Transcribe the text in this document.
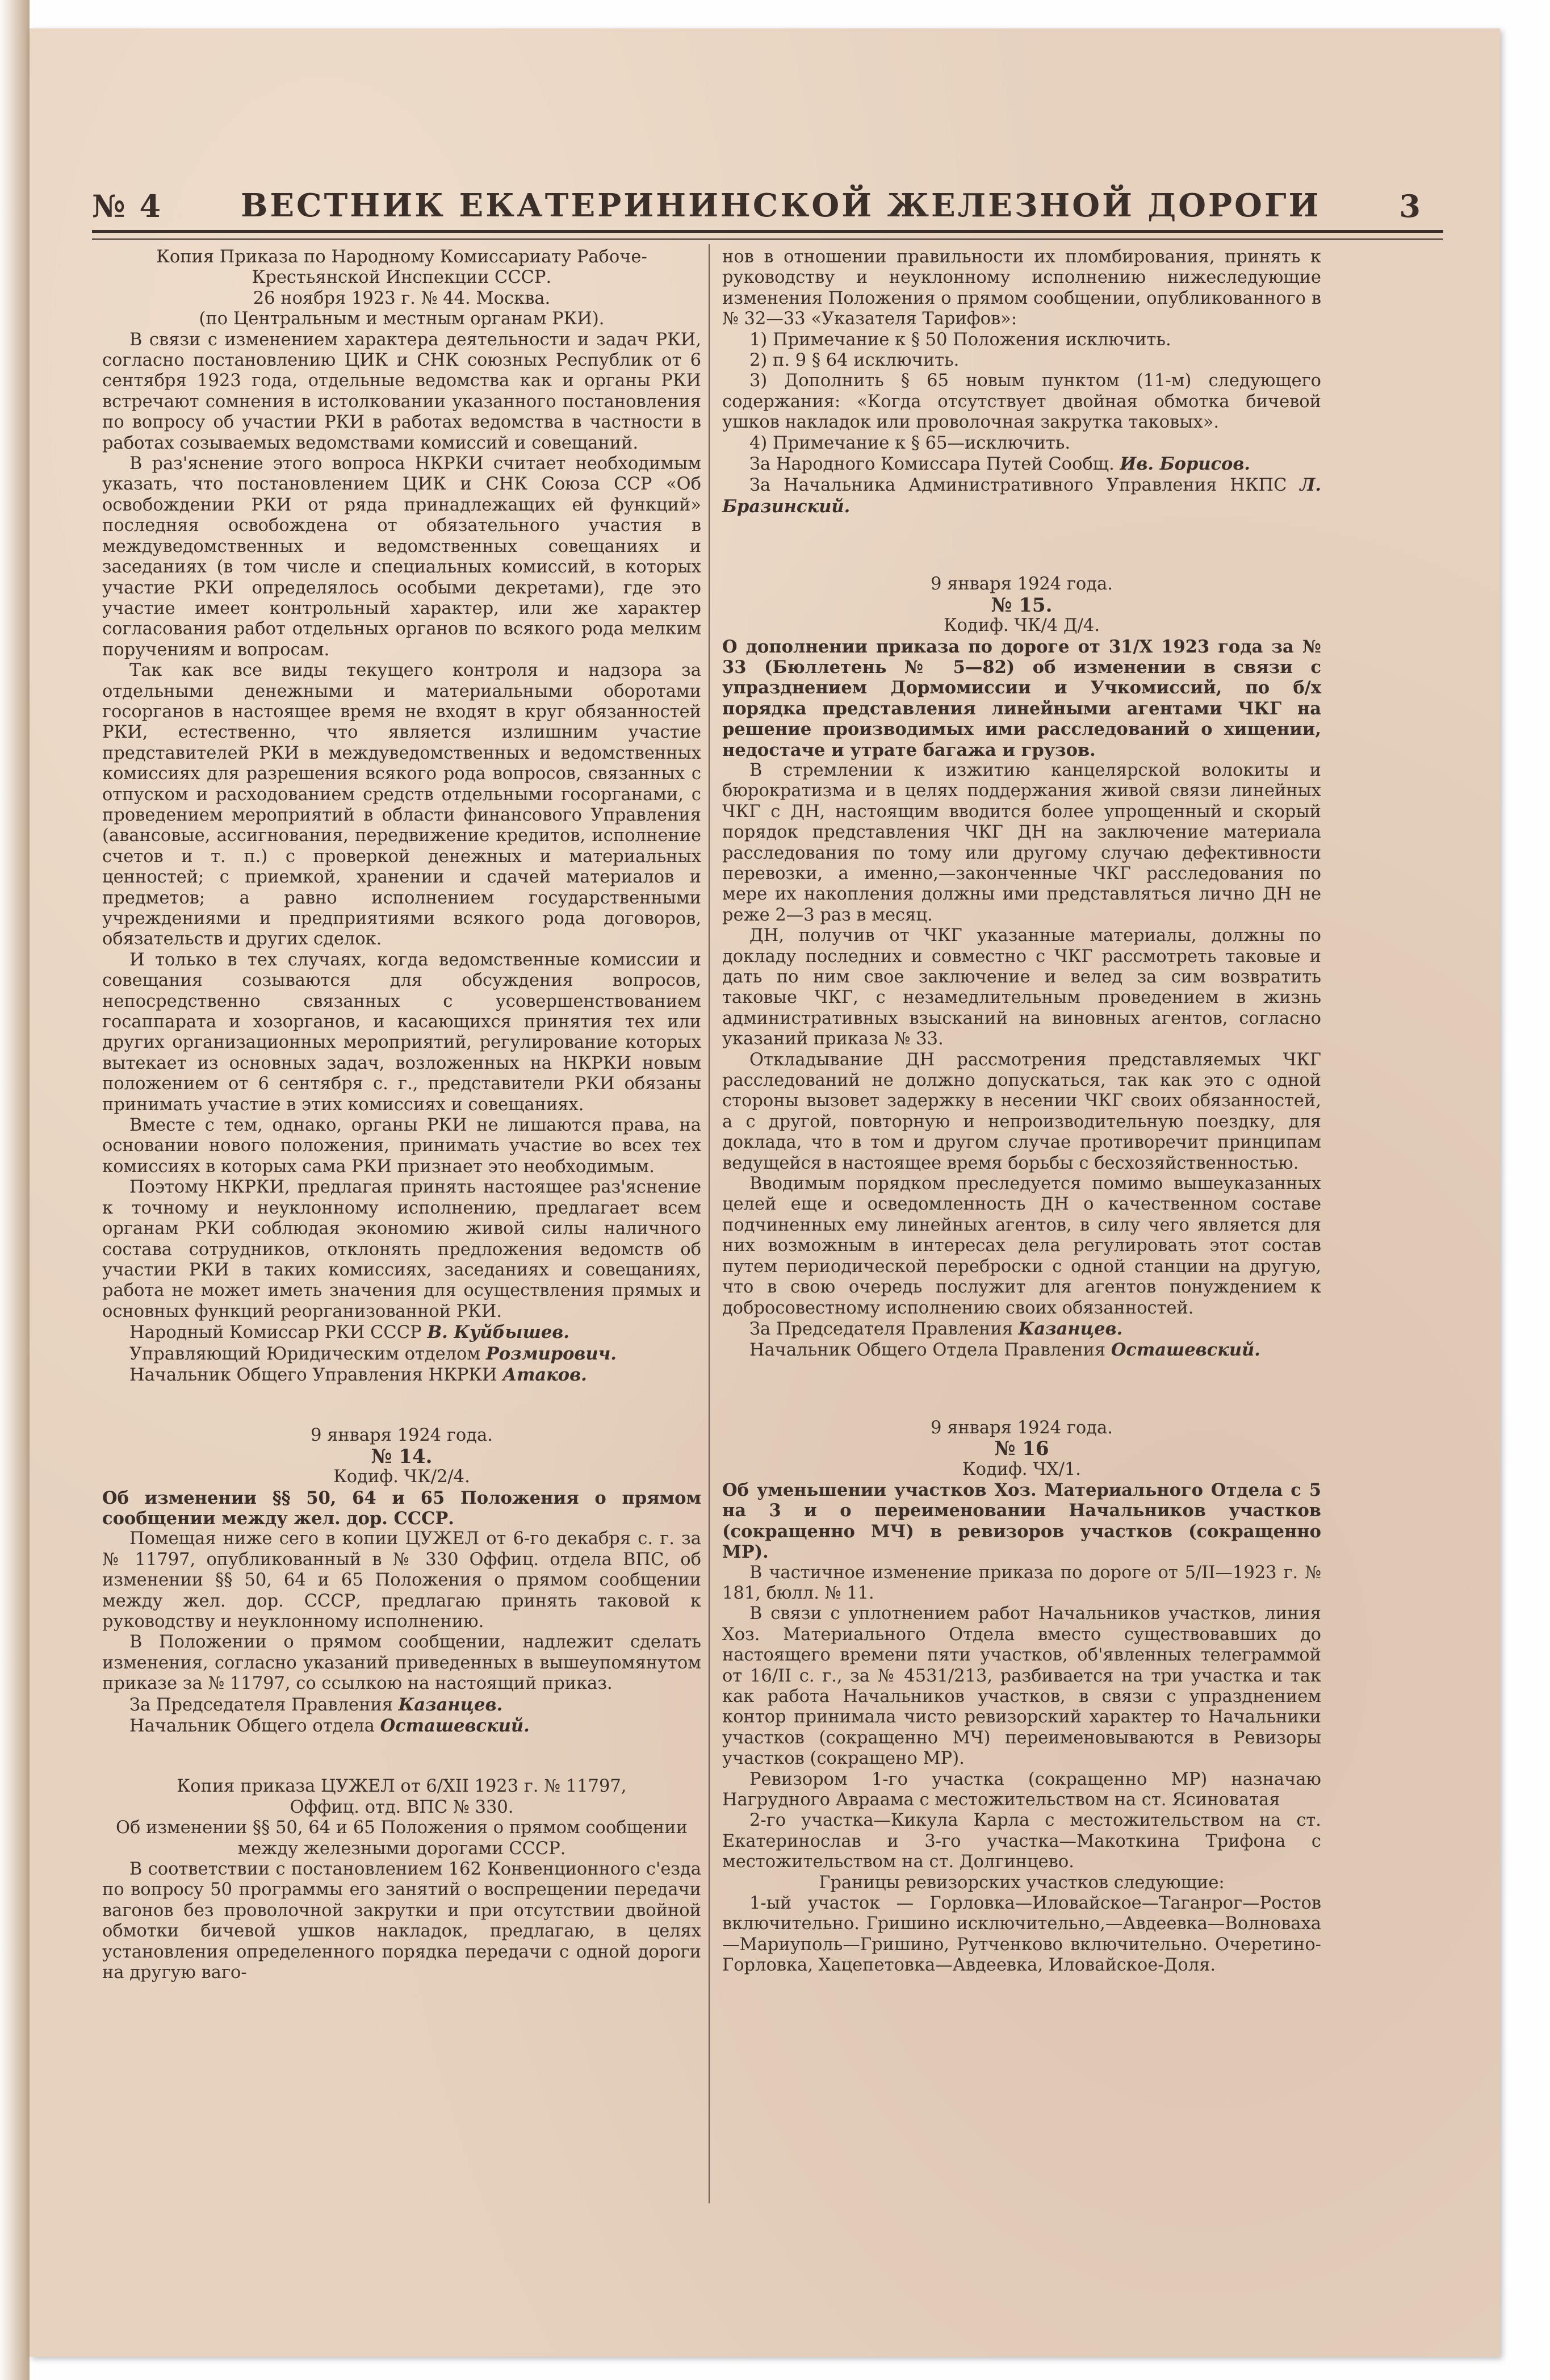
№ 4 ВЕСТНИК ЕКАТЕРИНИНСКОЙ ЖЕЛЕЗНОЙ ДОРОГИ	3

Копия Приказа по Народному Комиссариату Рабоче-
Крестьянской Инспекции СССР.

26 ноября 1923 г. № 44. Москва.

(по Центральным и местным органам РКИ).

В связи с изменением характера деятельности и задач РКИ, согласно постановлению ЦИК и СНК союзных Республик от 6 сентября 1923 года, отдельные ведомства как и органы РКИ встречают сомнения в истолковании указанного постановления по вопросу об участии РКИ в работах ведомства в частности в работах созываемых ведомствами комиссий и совещаний.

В раз'яснение этого вопроса НКРКИ считает необходимым указать, что постановлением ЦИК и СНК Союза ССР «Об освобождении РКИ от ряда принадлежащих ей функций» последняя освобождена от обязательного участия в междуведомственных и ведомственных совещаниях и заседаниях (в том числе и специальных комиссий, в которых участие РКИ определялось особыми декретами), где это участие имеет контрольный характер, или же характер согласования работ отдельных органов по всякого рода мелким поручениям и вопросам.

Так как все виды текущего контроля и надзора за отдельными денежными и материальными оборотами госорганов в настоящее время не входят в круг обязанностей РКИ, естественно, что является излишним участие представителей РКИ в междуведомственных и ведомственных комиссиях для разрешения всякого рода вопросов, связанных с отпуском и расходованием средств отдельными госорганами, с проведением мероприятий в области финансового Управления (авансовые, ассигнования, передвижение кредитов, исполнение счетов и т. п.) с проверкой денежных и материальных ценностей; с приемкой, хранении и сдачей материалов и предметов; а равно исполнением государственными учреждениями и предприятиями всякого рода договоров, обязательств и других сделок.

И только в тех случаях, когда ведомственные комиссии и совещания созываются для обсуждения вопросов, непосредственно связанных с усовершенствованием госаппарата и хозорганов, и касающихся принятия тех или других организационных мероприятий, регулирование которых вытекает из основных задач, возложенных на НКРКИ новым положением от 6 сентября с. г., представители РКИ обязаны принимать участие в этих комиссиях и совещаниях.

Вместе с тем, однако, органы РКИ не лишаются права, на основании нового положения, принимать участие во всех тех комиссиях в которых сама РКИ признает это необходимым.

Поэтому НКРКИ, предлагая принять настоящее раз'яснение к точному и неуклонному исполнению, предлагает всем органам РКИ соблюдая экономию живой силы наличного состава сотрудников, отклонять предложения ведомств об участии РКИ в таких комиссиях, заседаниях и совещаниях, работа не может иметь значения для осуществления прямых и основных функций реорганизованной РКИ.

Народный Комиссар РКИ СССР В. Куйбышев.

Управляющий Юридическим отделом Розмирович.

Начальник Общего Управления НКРКИ Атаков.

9 января 1924 года.

№ 14.

Кодиф. ЧК/2/4.

Об изменении §§ 50, 64 и 65 Положения о прямом сообщении между жел. дор. СССР.

Помещая ниже сего в копии ЦУЖЕЛ от 6-го декабря с. г. за № 11797, опубликованный в № 330 Оффиц. отдела ВПС, об изменении §§ 50, 64 и 65 Положения о прямом сообщении между жел. дор. СССР, предлагаю принять таковой к руководству и неуклонному исполнению.

В Положении о прямом сообщении, надлежит сделать изменения, согласно указаний приведенных в вышеупомянутом приказе за № 11797, со ссылкою на настоящий приказ.

За Председателя Правления Казанцев.

Начальник Общего отдела Осташевский.

Копия приказа ЦУЖЕЛ от 6/XII 1923 г. № 11797,
Оффиц. отд. ВПС № 330.

Об изменении §§ 50, 64 и 65 Положения о прямом сообщении между железными дорогами СССР.

В соответствии с постановлением 162 Конвенционного с'езда по вопросу 50 программы его занятий о воспрещении передачи вагонов без проволочной закрутки и при отсутствии двойной обмотки бичевой ушков накладок, предлагаю, в целях установления определенного порядка передачи с одной дороги на другую ваго-

нов в отношении правильности их пломбирования, принять к руководству и неуклонному исполнению нижеследующие изменения Положения о прямом сообщении, опубликованного в № 32—33 «Указателя Тарифов»:

1) Примечание к § 50 Положения исключить.

2) п. 9 § 64 исключить.

3) Дополнить § 65 новым пунктом (11-м) следующего содержания: «Когда отсутствует двойная обмотка бичевой ушков накладок или проволочная закрутка таковых».

4) Примечание к § 65—исключить.

За Народного Комиссара Путей Сообщ. Ив. Борисов.

За Начальника Административного Управления НКПС Л. Бразинский.

9 января 1924 года.

№ 15.

Кодиф. ЧК/4 Д/4.

О дополнении приказа по дороге от 31/X 1923 года за № 33 (Бюллетень № 5—82) об изменении в связи с упразднением Дормомиссии и Учкомиссий, по б/х порядка представления линейными агентами ЧКГ на решение производимых ими расследований о хищении, недостаче и утрате багажа и грузов.

В стремлении к изжитию канцелярской волокиты и бюрократизма и в целях поддержания живой связи линейных ЧКГ с ДН, настоящим вводится более упрощенный и скорый порядок представления ЧКГ ДН на заключение материала расследования по тому или другому случаю дефективности перевозки, а именно,—законченные ЧКГ расследования по мере их накопления должны ими представляться лично ДН не реже 2—3 раз в месяц.

ДН, получив от ЧКГ указанные материалы, должны по докладу последних и совместно с ЧКГ рассмотреть таковые и дать по ним свое заключение и велед за сим возвратить таковые ЧКГ, с незамедлительным проведением в жизнь административных взысканий на виновных агентов, согласно указаний приказа № 33.

Откладывание ДН рассмотрения представляемых ЧКГ расследований не должно допускаться, так как это с одной стороны вызовет задержку в несении ЧКГ своих обязанностей, а с другой, повторную и непроизводительную поездку, для доклада, что в том и другом случае противоречит принципам ведущейся в настоящее время борьбы с бесхозяйственностью.

Вводимым порядком преследуется помимо вышеуказанных целей еще и осведомленность ДН о качественном составе подчиненных ему линейных агентов, в силу чего является для них возможным в интересах дела регулировать этот состав путем периодической переброски с одной станции на другую, что в свою очередь послужит для агентов понуждением к добросовестному исполнению своих обязанностей.

За Председателя Правления Казанцев.

Начальник Общего Отдела Правления Осташевский.

9 января 1924 года.

№ 16

Кодиф. ЧХ/1.

Об уменьшении участков Хоз. Материального Отдела с 5 на 3 и о переименовании Начальников участков (сокращенно МЧ) в ревизоров участков (сокращенно МР).

В частичное изменение приказа по дороге от 5/II—1923 г. № 181, бюлл. № 11.

В связи с уплотнением работ Начальников участков, линия Хоз. Материального Отдела вместо существовавших до настоящего времени пяти участков, об'явленных телеграммой от 16/II с. г., за № 4531/213, разбивается на три участка и так как работа Начальников участков, в связи с упразднением контор принимала чисто ревизорский характер то Начальники участков (сокращенно МЧ) переименовываются в Ревизоры участков (сокращено МР).

Ревизором 1-го участка (сокращенно МР) назначаю Нагрудного Авраама с местожительством на ст. Ясиноватая

2-го участка—Кикула Карла с местожительством на ст. Екатеринослав и 3-го участка—Макоткина Трифона с местожительством на ст. Долгинцево.

Границы ревизорских участков следующие:

1-ый участок — Горловка—Иловайское—Таганрог—Ростов включительно. Гришино исключительно,—Авдеевка—Волноваха—Мариуполь—Гришино, Рутченково включительно. Очеретино-Горловка, Хацепетовка—Авдеевка, Иловайское-Доля.
